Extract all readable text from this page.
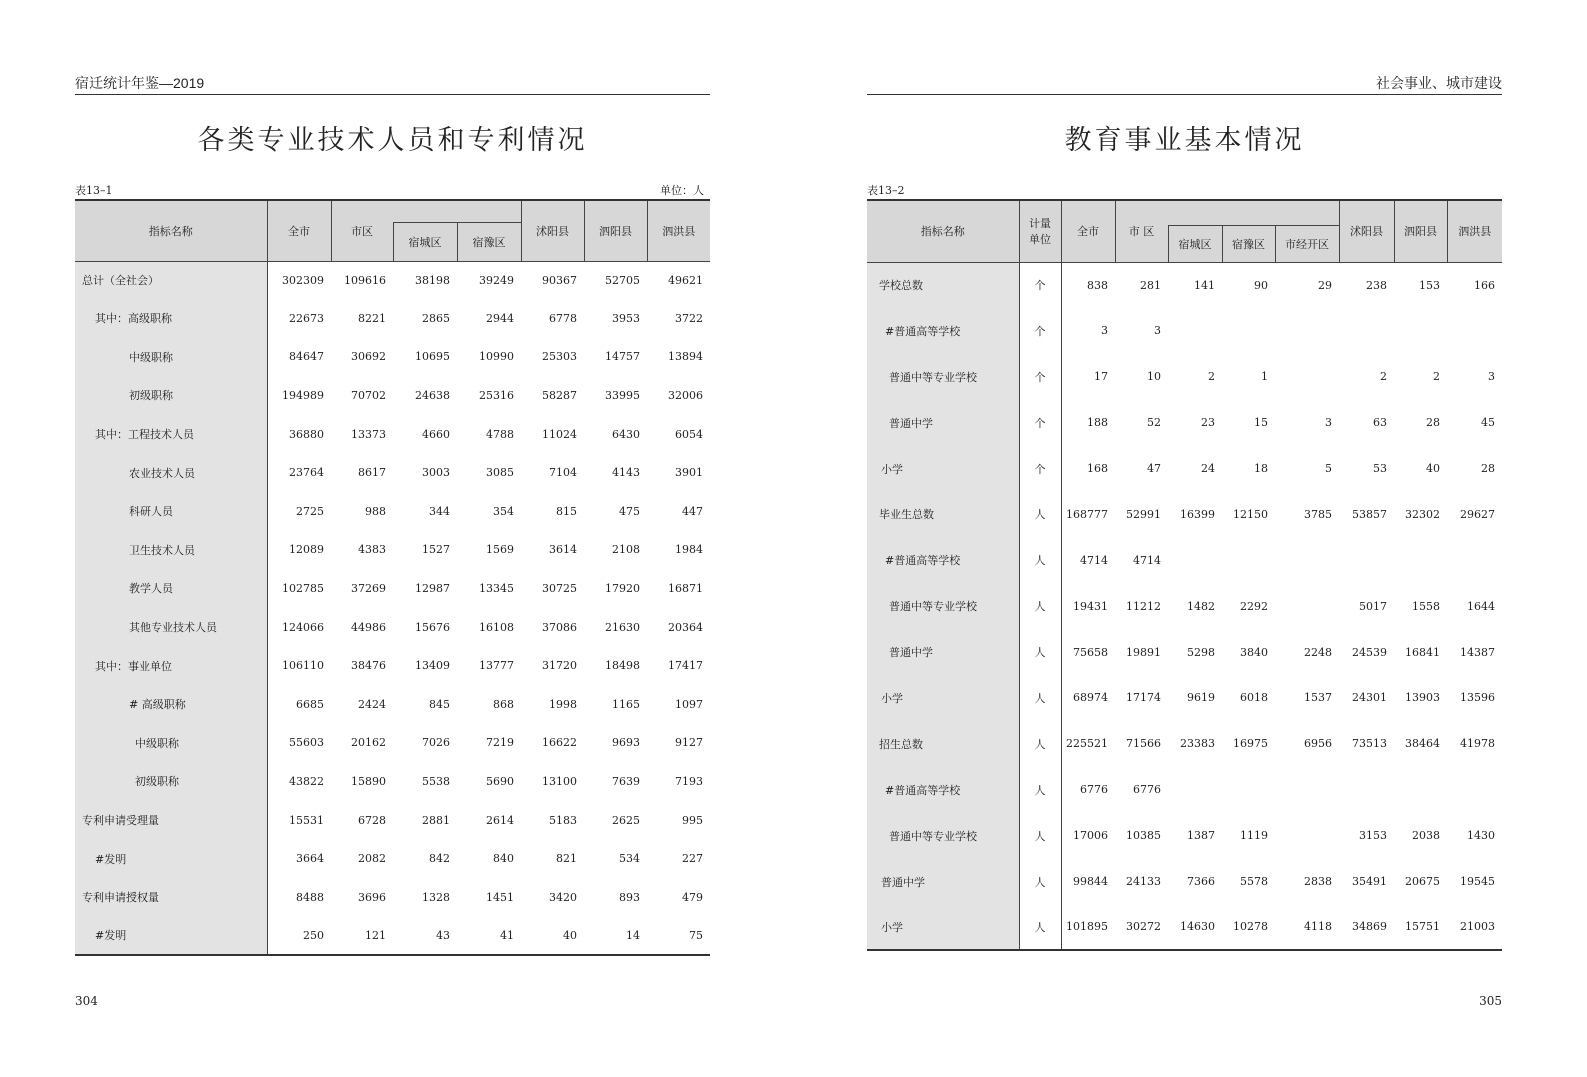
宿迁统计年鉴—2019
各类专业技术人员和专利情况
表13–1	单位：人
指标名称	全市	市区			沭阳县	泗阳县	泗洪县
			宿城区	宿豫区			
总计（全社会）	302309	109616	38198	39249	90367	52705	49621
其中：高级职称	22673	8221	2865	2944	6778	3953	3722
中级职称	84647	30692	10695	10990	25303	14757	13894
初级职称	194989	70702	24638	25316	58287	33995	32006
其中：工程技术人员	36880	13373	4660	4788	11024	6430	6054
农业技术人员	23764	8617	3003	3085	7104	4143	3901
科研人员	2725	988	344	354	815	475	447
卫生技术人员	12089	4383	1527	1569	3614	2108	1984
教学人员	102785	37269	12987	13345	30725	17920	16871
其他专业技术人员	124066	44986	15676	16108	37086	21630	20364
其中：事业单位	106110	38476	13409	13777	31720	18498	17417
# 高级职称	6685	2424	845	868	1998	1165	1097
中级职称	55603	20162	7026	7219	16622	9693	9127
初级职称	43822	15890	5538	5690	13100	7639	7193
专利申请受理量	15531	6728	2881	2614	5183	2625	995
#发明	3664	2082	842	840	821	534	227
专利申请授权量	8488	3696	1328	1451	3420	893	479
#发明	250	121	43	41	40	14	75
304
社会事业、城市建设
教育事业基本情况
表13–2
指标名称	计量单位	全市	市 区				沭阳县	泗阳县	泗洪县
				宿城区	宿豫区	市经开区			
学校总数	个	838	281	141	90	29	238	153	166
#普通高等学校	个	3	3						
普通中等专业学校	个	17	10	2	1		2	2	3
普通中学	个	188	52	23	15	3	63	28	45
小学	个	168	47	24	18	5	53	40	28
毕业生总数	人	168777	52991	16399	12150	3785	53857	32302	29627
#普通高等学校	人	4714	4714						
普通中等专业学校	人	19431	11212	1482	2292		5017	1558	1644
普通中学	人	75658	19891	5298	3840	2248	24539	16841	14387
小学	人	68974	17174	9619	6018	1537	24301	13903	13596
招生总数	人	225521	71566	23383	16975	6956	73513	38464	41978
#普通高等学校	人	6776	6776						
普通中等专业学校	人	17006	10385	1387	1119		3153	2038	1430
普通中学	人	99844	24133	7366	5578	2838	35491	20675	19545
小学	人	101895	30272	14630	10278	4118	34869	15751	21003
305
